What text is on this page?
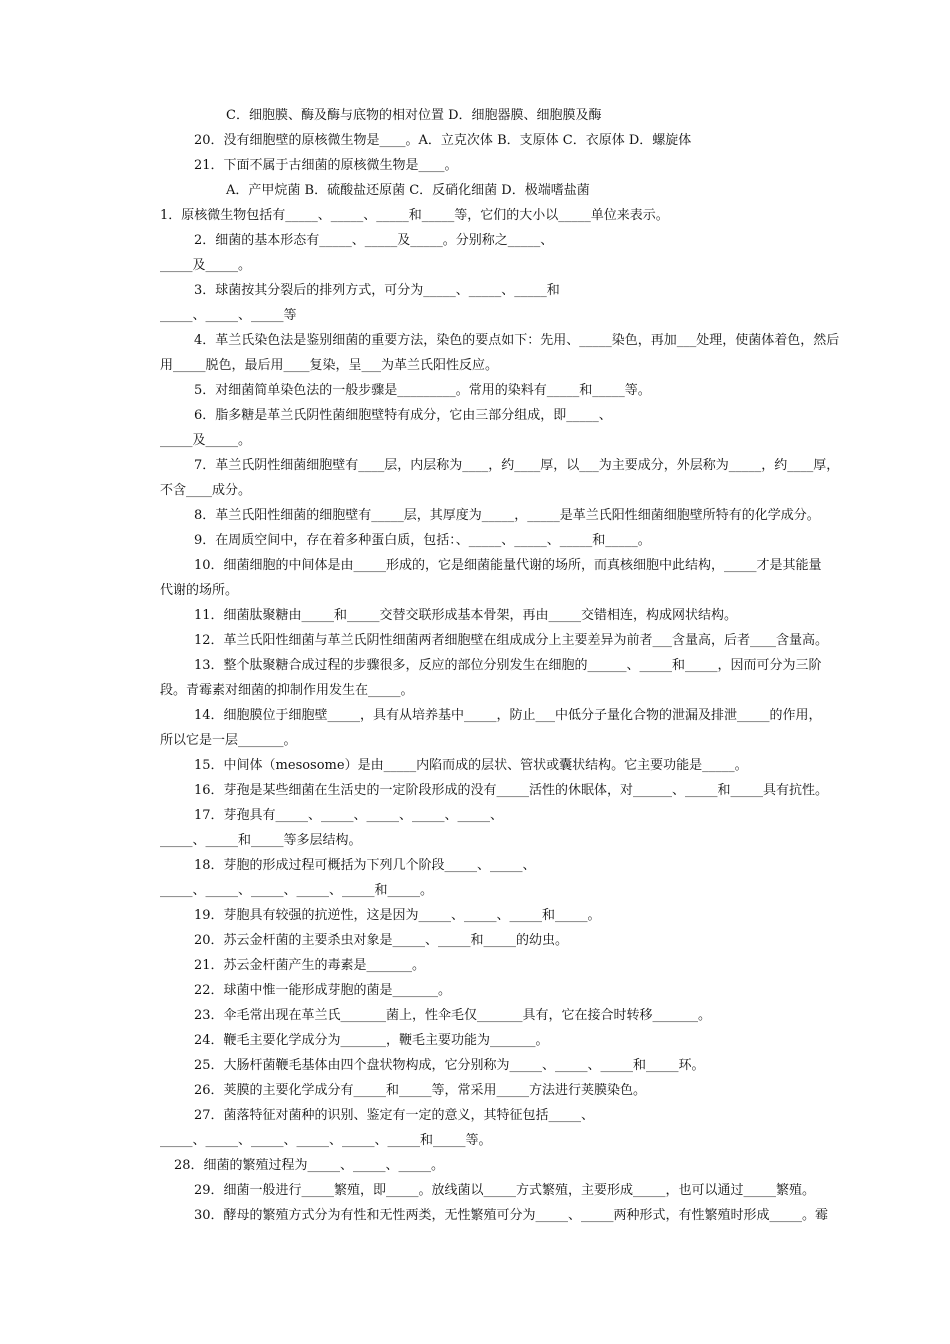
C．细胞膜、酶及酶与底物的相对位置 D．细胞器膜、细胞膜及酶
20．没有细胞壁的原核微生物是____。A．立克次体 B．支原体 C．衣原体 D．螺旋体
21．下面不属于古细菌的原核微生物是____。
A．产甲烷菌 B．硫酸盐还原菌 C．反硝化细菌 D．极端嗜盐菌
1．原核微生物包括有_____、_____、_____和_____等，它们的大小以_____单位来表示。
2．细菌的基本形态有_____、_____及_____。分别称之_____、
_____及_____。
3．球菌按其分裂后的排列方式，可分为_____、_____、_____和
_____、_____、_____等
4．革兰氏染色法是鉴别细菌的重要方法，染色的要点如下：先用、_____染色，再加___处理，使菌体着色，然后
用_____脱色，最后用____复染，呈___为革兰氏阳性反应。
5．对细菌简单染色法的一般步骤是_________。常用的染料有_____和_____等。
6．脂多糖是革兰氏阴性菌细胞壁特有成分，它由三部分组成，即_____、
_____及_____。
7．革兰氏阴性细菌细胞壁有____层，内层称为____，约____厚，以___为主要成分，外层称为_____，约____厚，
不含____成分。
8．革兰氏阳性细菌的细胞壁有_____层，其厚度为_____，_____是革兰氏阳性细菌细胞壁所特有的化学成分。
9．在周质空间中，存在着多种蛋白质，包括：、_____、_____、_____和_____。
10．细菌细胞的中间体是由_____形成的，它是细菌能量代谢的场所，而真核细胞中此结构，_____才是其能量
代谢的场所。
11．细菌肽聚糖由_____和_____交替交联形成基本骨架，再由_____交错相连，构成网状结构。
12．革兰氏阳性细菌与革兰氏阴性细菌两者细胞壁在组成成分上主要差异为前者___含量高，后者____含量高。
13．整个肽聚糖合成过程的步骤很多，反应的部位分别发生在细胞的______、_____和_____，因而可分为三阶
段。青霉素对细菌的抑制作用发生在_____。
14．细胞膜位于细胞壁_____，具有从培养基中_____，防止___中低分子量化合物的泄漏及排泄_____的作用，
所以它是一层_______。
15．中间体（mesosome）是由_____内陷而成的层状、管状或囊状结构。它主要功能是_____。
16．芽孢是某些细菌在生活史的一定阶段形成的没有_____活性的休眠体，对______、_____和_____具有抗性。
17．芽孢具有_____、_____、_____、_____、_____、
_____、_____和_____等多层结构。
18．芽胞的形成过程可概括为下列几个阶段_____、_____、
_____、_____、_____、_____、_____和_____。
19．芽胞具有较强的抗逆性，这是因为_____、_____、_____和_____。
20．苏云金杆菌的主要杀虫对象是_____、_____和_____的幼虫。
21．苏云金杆菌产生的毒素是_______。
22．球菌中惟一能形成芽胞的菌是_______。
23．伞毛常出现在革兰氏_______菌上，性伞毛仅_______具有，它在接合时转移_______。
24．鞭毛主要化学成分为_______，鞭毛主要功能为_______。
25．大肠杆菌鞭毛基体由四个盘状物构成，它分别称为_____、_____、_____和_____环。
26．荚膜的主要化学成分有_____和_____等，常采用_____方法进行荚膜染色。
27．菌落特征对菌种的识别、鉴定有一定的意义，其特征包括_____、
_____、_____、_____、_____、_____、_____和_____等。
28．细菌的繁殖过程为_____、_____、_____。
29．细菌一般进行_____繁殖，即_____。放线菌以_____方式繁殖，主要形成_____，也可以通过_____繁殖。
30．酵母的繁殖方式分为有性和无性两类，无性繁殖可分为_____、_____两种形式，有性繁殖时形成_____。霉
